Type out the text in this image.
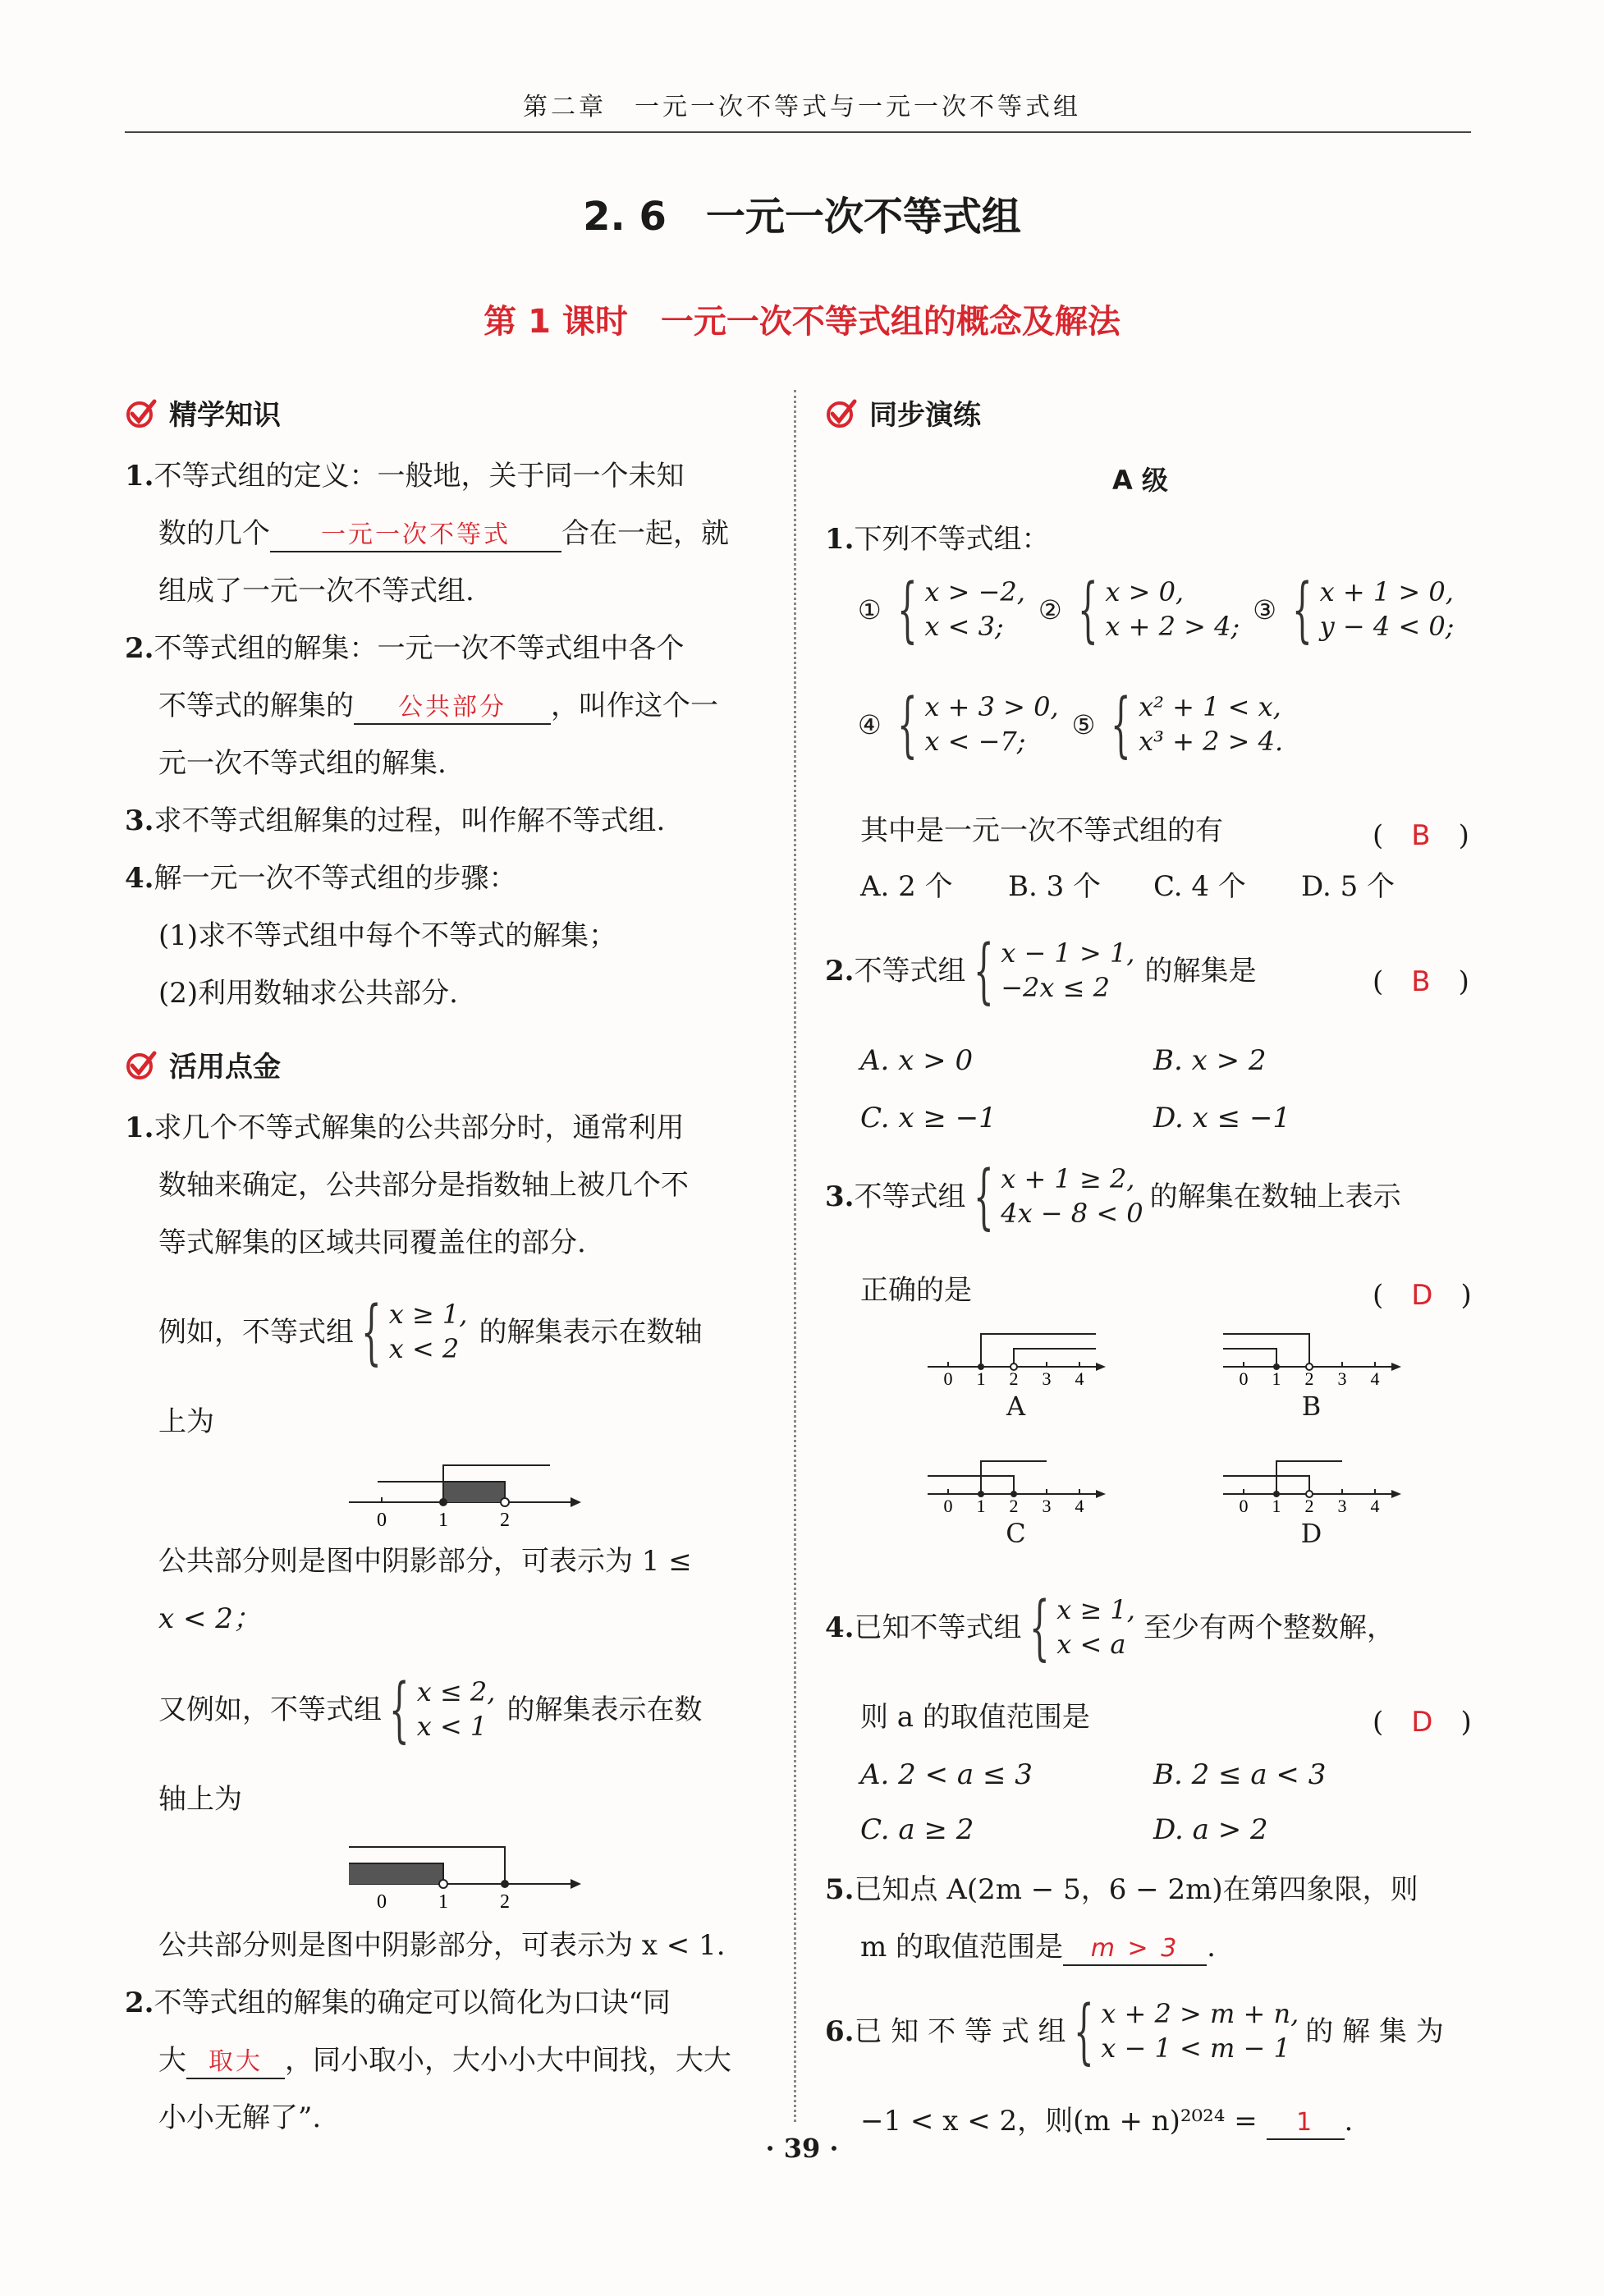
第二章　一元一次不等式与一元一次不等式组
2. 6　一元一次不等式组
第 1 课时　一元一次不等式组的概念及解法
精学知识
1.不等式组的定义：一般地，关于同一个未知
数的几个 一元一次不等式 合在一起，就
组成了一元一次不等式组.
2.不等式组的解集：一元一次不等式组中各个
不等式的解集的 公共部分 ，叫作这个一
元一次不等式组的解集.
3.求不等式组解集的过程，叫作解不等式组.
4.解一元一次不等式组的步骤：
(1)求不等式组中每个不等式的解集；
(2)利用数轴求公共部分.
活用点金
1.求几个不等式解集的公共部分时，通常利用
数轴来确定，公共部分是指数轴上被几个不
等式解集的区域共同覆盖住的部分.
例如，不等式组 { x ≥ 1,
x < 2
的解集表示在数轴
上为
0	1	2
公共部分则是图中阴影部分，可表示为 1 ≤
x < 2；
又例如，不等式组 { x ≤ 2,
x < 1
的解集表示在数
轴上为
0	1	2
公共部分则是图中阴影部分，可表示为 x < 1.
2.不等式组的解集的确定可以简化为口诀“同
大 取大 ，同小取小，大小小大中间找，大大
小小无解了”.
同步演练
A 级
1.下列不等式组：
① { x > −2,
x < 3;
② { x > 0,
x + 2 > 4;
③ { x + 1 > 0,
y − 4 < 0;
④ { x + 3 > 0,
x < −7;
⑤ { x² + 1 < x,
x³ + 2 > 4.
其中是一元一次不等式组的有	(　B　)
A. 2 个 B. 3 个 C. 4 个 D. 5 个
2. 不等式组 { x − 1 > 1,
−2x ≤ 2
的解集是	(　B　)
A. x > 0	B. x > 2
C. x ≥ −1	D. x ≤ −1
3. 不等式组 { x + 1 ≥ 2,
4x − 8 < 0
的解集在数轴上表示
正确的是	(　D　)
0 1 2 3 4
A
0 1 2 3 4
B
0 1 2 3 4
C
0 1 2 3 4
D
4. 已知不等式组 { x ≥ 1,
x < a
至少有两个整数解，
则 a 的取值范围是	(　D　)
A. 2 < a ≤ 3	B. 2 ≤ a < 3
C. a ≥ 2	D. a > 2
5.已知点 A(2m − 5，6 − 2m)在第四象限，则
m 的取值范围是 m > 3 .
6. 已 知 不 等 式 组 { x + 2 > m + n,
x − 1 < m − 1
的 解 集 为
−1 < x < 2，则(m + n)²⁰²⁴ = 1 .
· 39 ·
